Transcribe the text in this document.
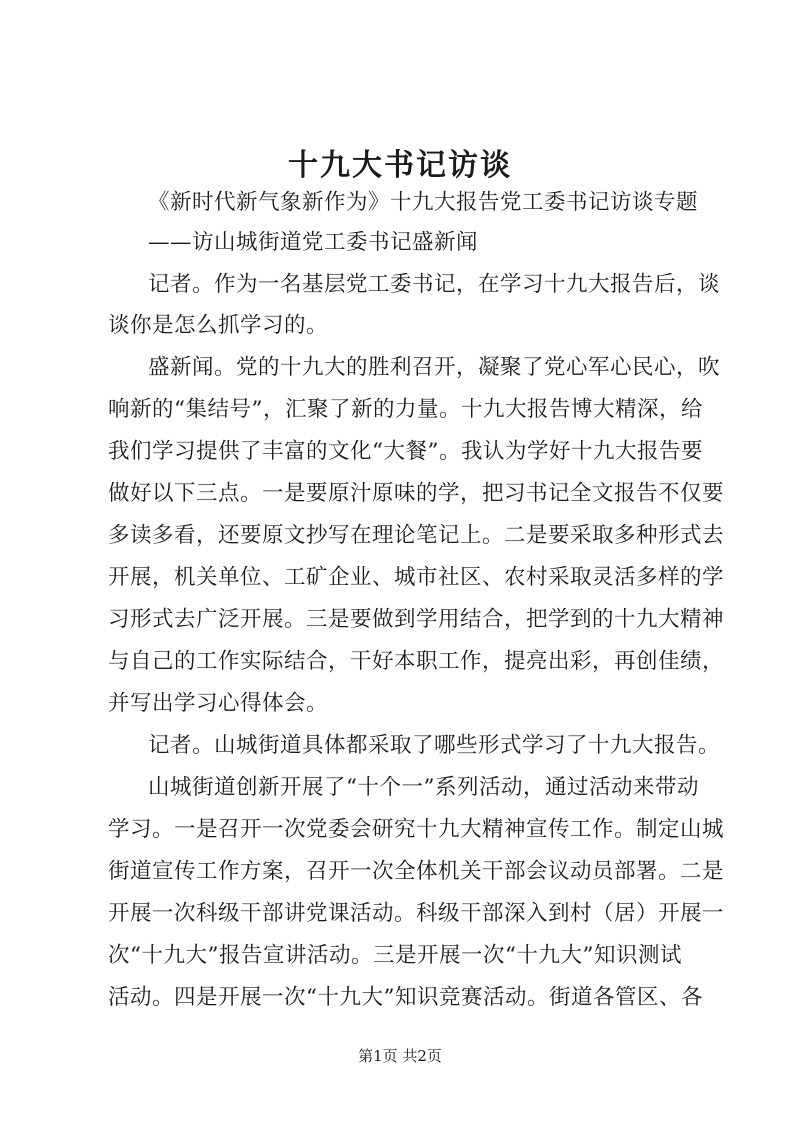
十九大书记访谈
《新时代新气象新作为》十九大报告党工委书记访谈专题
——访山城街道党工委书记盛新闻
记者。作为一名基层党工委书记，在学习十九大报告后，谈
谈你是怎么抓学习的。
盛新闻。党的十九大的胜利召开，凝聚了党心军心民心，吹
响新的“集结号”，汇聚了新的力量。十九大报告博大精深，给
我们学习提供了丰富的文化“大餐”。我认为学好十九大报告要
做好以下三点。一是要原汁原味的学，把习书记全文报告不仅要
多读多看，还要原文抄写在理论笔记上。二是要采取多种形式去
开展，机关单位、工矿企业、城市社区、农村采取灵活多样的学
习形式去广泛开展。三是要做到学用结合，把学到的十九大精神
与自己的工作实际结合，干好本职工作，提亮出彩，再创佳绩，
并写出学习心得体会。
记者。山城街道具体都采取了哪些形式学习了十九大报告。
山城街道创新开展了“十个一”系列活动，通过活动来带动
学习。一是召开一次党委会研究十九大精神宣传工作。制定山城
街道宣传工作方案，召开一次全体机关干部会议动员部署。二是
开展一次科级干部讲党课活动。科级干部深入到村（居）开展一
次“十九大”报告宣讲活动。三是开展一次“十九大”知识测试
活动。四是开展一次“十九大”知识竞赛活动。街道各管区、各
第1页 共2页
